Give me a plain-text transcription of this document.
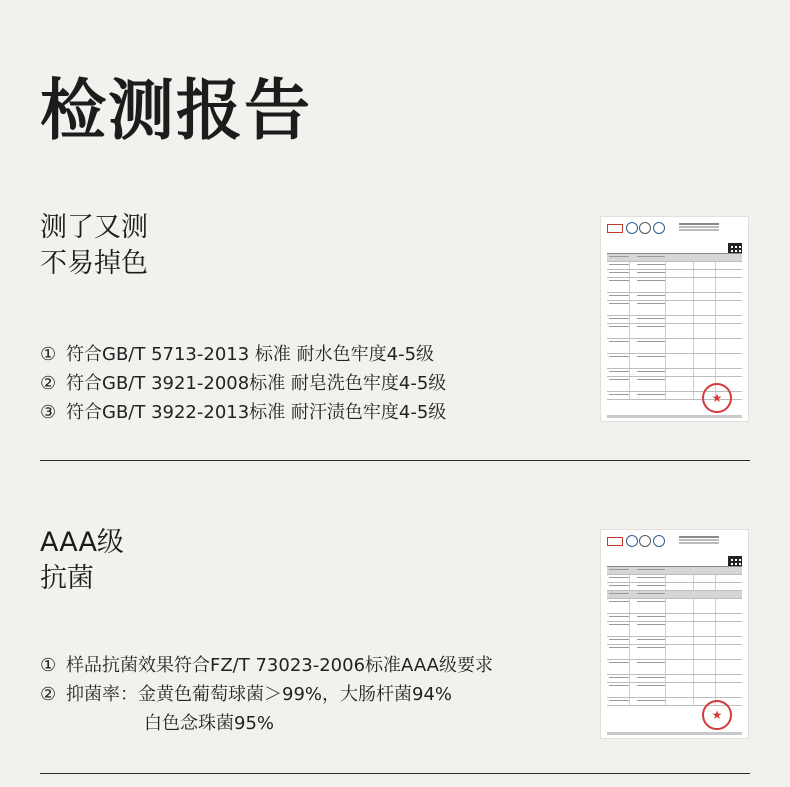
检测报告
测了又测
不易掉色
① 符合GB/T 5713-2013 标准 耐水色牢度4-5级
② 符合GB/T 3921-2008标准 耐皂洗色牢度4-5级
③ 符合GB/T 3922-2013标准 耐汗渍色牢度4-5级
★
AAA级
抗菌
① 样品抗菌效果符合FZ/T 73023-2006标准AAA级要求
② 抑菌率：金黄色葡萄球菌＞99%，大肠杆菌94%
白色念珠菌95%	★
